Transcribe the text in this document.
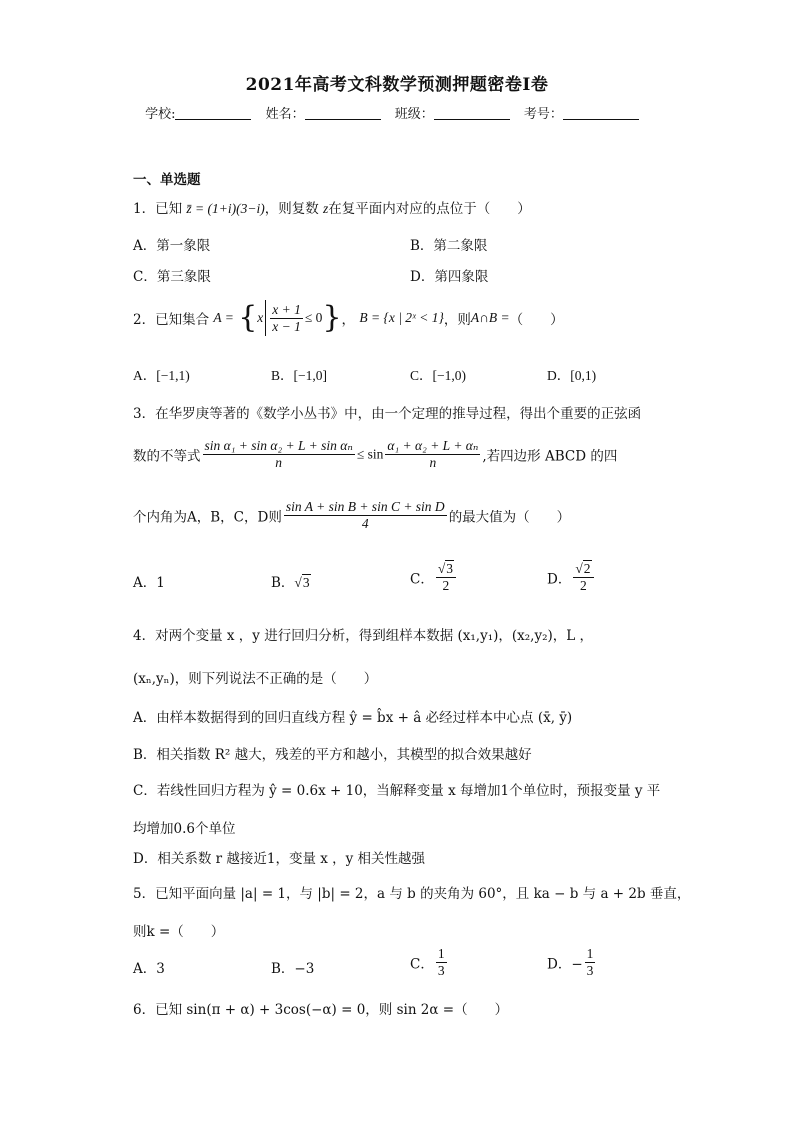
2021年高考文科数学预测押题密卷Ⅰ卷
学校:	姓名：	班级：	考号：
一、单选题
1．已知 z̄ = (1+i)(3−i)，则复数 z在复平面内对应的点位于（　　）
A．第一象限	B．第二象限
C．第三象限	D．第四象限
2．已知集合 $A = \{x \frac{x + 1}{x - 1} \le 0\}$， B = {x | 2ˣ < 1}，则A∩B =（　　）
A．[−1,1)	B．[−1,0]	C．[−1,0)	D．[0,1)
3．在华罗庚等著的《数学小丛书》中，由一个定理的推导过程，得出个重要的正弦函
数的不等式 $\frac{\text{sin α₁ + sin α₂ + L + sin αₙ}}{n} \le \sin \frac{\text{α₁ + α₂ + L + αₙ}}{n}$ ,若四边形 ABCD 的四
个内角为A，B，C，D则 $\frac{\text{sin A + sin B + sin C + sin D}}{4}$ 的最大值为（　　）
A．1	B．√3	C． $\frac{√3}{2}$	D． $\frac{√2}{2}$
4．对两个变量 x ，y 进行回归分析，得到组样本数据 (x₁,y₁)，(x₂,y₂)，L ，
(xₙ,yₙ)，则下列说法不正确的是（　　）
A．由样本数据得到的回归直线方程 ŷ = b̂x + â 必经过样本中心点 (x̄, ȳ)
B．相关指数 R² 越大，残差的平方和越小，其模型的拟合效果越好
C．若线性回归方程为 ŷ = 0.6x + 10，当解释变量 x 每增加1个单位时，预报变量 y 平
均增加0.6个单位
D．相关系数 r 越接近1，变量 x ，y 相关性越强
5．已知平面向量 |a| = 1，与 |b| = 2，a 与 b 的夹角为 60°，且 ka − b 与 a + 2b 垂直，
则k =（　　）
A．3	B．−3	C． $\frac{1}{3}$	D．− $\frac{1}{3}$
6．已知 sin(π + α) + 3cos(−α) = 0，则 sin 2α =（　　）
